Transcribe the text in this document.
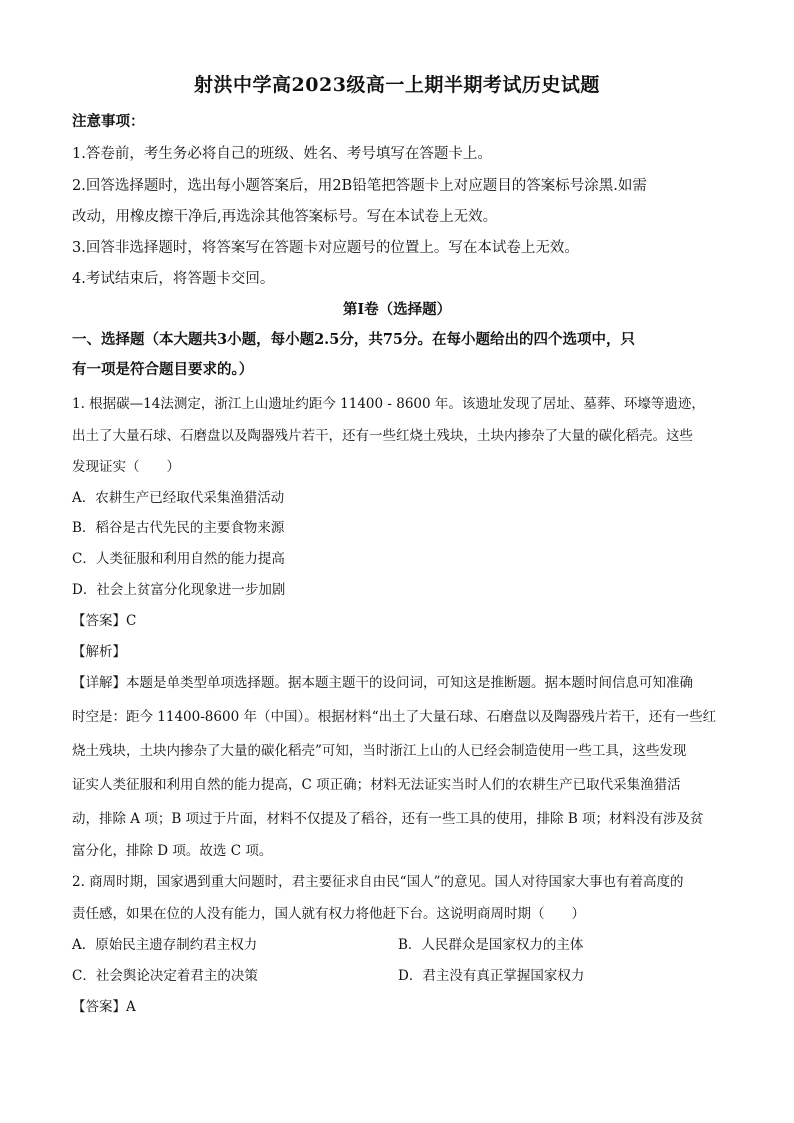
射洪中学高2023级高一上期半期考试历史试题
注意事项：
1.答卷前，考生务必将自己的班级、姓名、考号填写在答题卡上。
2.回答选择题时，选出每小题答案后，用2B铅笔把答题卡上对应题目的答案标号涂黑.如需
改动，用橡皮擦干净后,再选涂其他答案标号。写在本试卷上无效。
3.回答非选择题时，将答案写在答题卡对应题号的位置上。写在本试卷上无效。
4.考试结束后，将答题卡交回。
第Ⅰ卷（选择题）
一、选择题（本大题共3小题，每小题2.5分，共75分。在每小题给出的四个选项中，只
有一项是符合题目要求的。）
1. 根据碳—14法测定，浙江上山遗址约距今 11400 - 8600 年。该遗址发现了居址、墓葬、环壕等遗迹，
出土了大量石球、石磨盘以及陶器残片若干，还有一些红烧土残块，土块内掺杂了大量的碳化稻壳。这些
发现证实（　　）
A．农耕生产已经取代采集渔猎活动
B．稻谷是古代先民的主要食物来源
C．人类征服和利用自然的能力提高
D．社会上贫富分化现象进一步加剧
【答案】C
【解析】
【详解】本题是单类型单项选择题。据本题主题干的设问词，可知这是推断题。据本题时间信息可知准确
时空是：距今 11400-8600 年（中国）。根据材料“出土了大量石球、石磨盘以及陶器残片若干，还有一些红
烧土残块，土块内掺杂了大量的碳化稻壳”可知，当时浙江上山的人已经会制造使用一些工具，这些发现
证实人类征服和利用自然的能力提高，C 项正确；材料无法证实当时人们的农耕生产已取代采集渔猎活
动，排除 A 项；B 项过于片面，材料不仅提及了稻谷，还有一些工具的使用，排除 B 项；材料没有涉及贫
富分化，排除 D 项。故选 C 项。
2. 商周时期，国家遇到重大问题时，君主要征求自由民“国人”的意见。国人对待国家大事也有着高度的
责任感，如果在位的人没有能力，国人就有权力将他赶下台。这说明商周时期（　　）
A．原始民主遗存制约君主权力	B．人民群众是国家权力的主体
C．社会舆论决定着君主的决策	D．君主没有真正掌握国家权力
【答案】A
